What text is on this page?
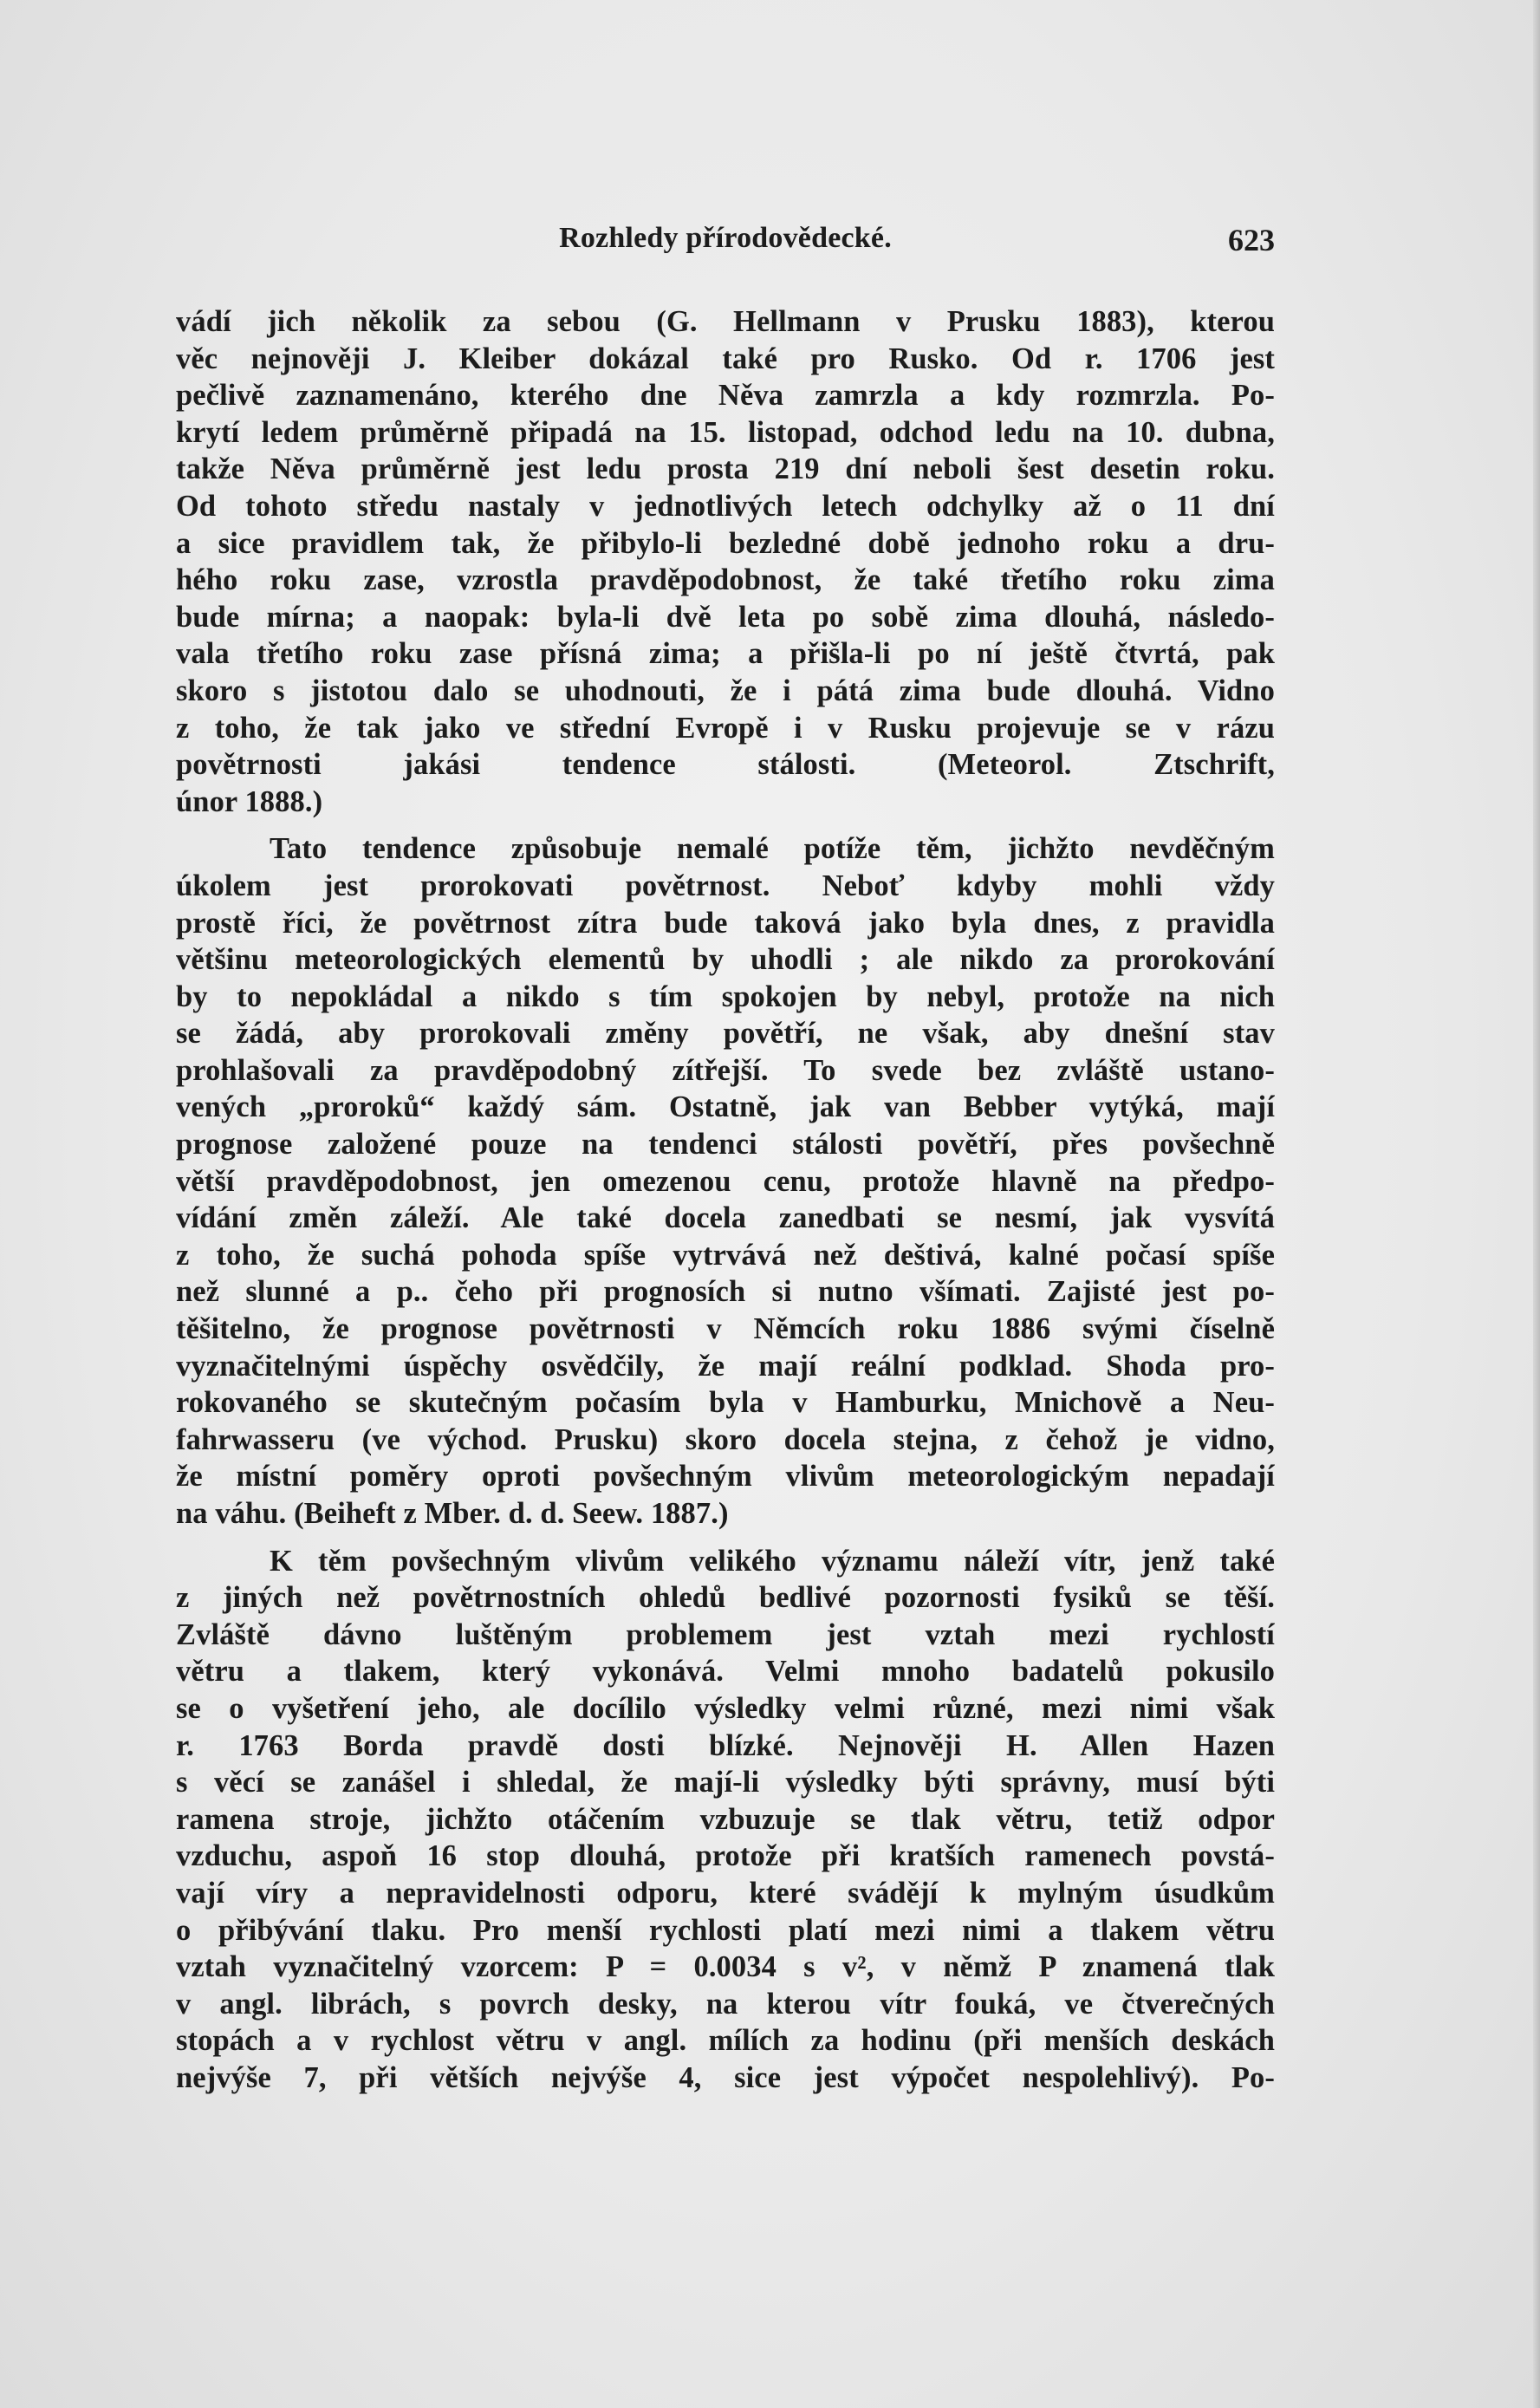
Rozhledy přírodovědecké.	623
vádí jich několik za sebou (G. Hellmann v Prusku 1883), kterou
věc nejnověji J. Kleiber dokázal také pro Rusko. Od r. 1706 jest
pečlivě zaznamenáno, kterého dne Něva zamrzla a kdy rozmrzla. Po-
krytí ledem průměrně připadá na 15. listopad, odchod ledu na 10. dubna,
takže Něva průměrně jest ledu prosta 219 dní neboli šest desetin roku.
Od tohoto středu nastaly v jednotlivých letech odchylky až o 11 dní
a sice pravidlem tak, že přibylo-li bezledné době jednoho roku a dru-
hého roku zase, vzrostla pravděpodobnost, že také třetího roku zima
bude mírna; a naopak: byla-li dvě leta po sobě zima dlouhá, následo-
vala třetího roku zase přísná zima; a přišla-li po ní ještě čtvrtá, pak
skoro s jistotou dalo se uhodnouti, že i pátá zima bude dlouhá. Vidno
z toho, že tak jako ve střední Evropě i v Rusku projevuje se v rázu
povětrnosti jakási tendence stálosti. (Meteorol. Ztschrift,
únor 1888.)
Tato tendence způsobuje nemalé potíže těm, jichžto nevděčným
úkolem jest prorokovati povětrnost. Neboť kdyby mohli vždy
prostě říci, že povětrnost zítra bude taková jako byla dnes, z pravidla
většinu meteorologických elementů by uhodli ; ale nikdo za prorokování
by to nepokládal a nikdo s tím spokojen by nebyl, protože na nich
se žádá, aby prorokovali změny povětří, ne však, aby dnešní stav
prohlašovali za pravděpodobný zítřejší. To svede bez zvláště ustano-
vených „proroků“ každý sám. Ostatně, jak van Bebber vytýká, mají
prognose založené pouze na tendenci stálosti povětří, přes povšechně
větší pravděpodobnost, jen omezenou cenu, protože hlavně na předpo-
vídání změn záleží. Ale také docela zanedbati se nesmí, jak vysvítá
z toho, že suchá pohoda spíše vytrvává než deštivá, kalné počasí spíše
než slunné a p.. čeho při prognosích si nutno všímati. Zajisté jest po-
těšitelno, že prognose povětrnosti v Němcích roku 1886 svými číselně
vyznačitelnými úspěchy osvědčily, že mají reální podklad. Shoda pro-
rokovaného se skutečným počasím byla v Hamburku, Mnichově a Neu-
fahrwasseru (ve východ. Prusku) skoro docela stejna, z čehož je vidno,
že místní poměry oproti povšechným vlivům meteorologickým nepadají
na váhu. (Beiheft z Mber. d. d. Seew. 1887.)
K těm povšechným vlivům velikého významu náleží vítr, jenž také
z jiných než povětrnostních ohledů bedlivé pozornosti fysiků se těší.
Zvláště dávno luštěným problemem jest vztah mezi rychlostí
větru a tlakem, který vykonává. Velmi mnoho badatelů pokusilo
se o vyšetření jeho, ale docílilo výsledky velmi různé, mezi nimi však
r. 1763 Borda pravdě dosti blízké. Nejnověji H. Allen Hazen
s věcí se zanášel i shledal, že mají-li výsledky býti správny, musí býti
ramena stroje, jichžto otáčením vzbuzuje se tlak větru, tetiž odpor
vzduchu, aspoň 16 stop dlouhá, protože při kratších ramenech povstá-
vají víry a nepravidelnosti odporu, které svádějí k mylným úsudkům
o přibývání tlaku. Pro menší rychlosti platí mezi nimi a tlakem větru
vztah vyznačitelný vzorcem: P = 0.0034 s v², v němž P znamená tlak
v angl. librách, s povrch desky, na kterou vítr fouká, ve čtverečných
stopách a v rychlost větru v angl. mílích za hodinu (při menších deskách
nejvýše 7, při větších nejvýše 4, sice jest výpočet nespolehlivý). Po-
